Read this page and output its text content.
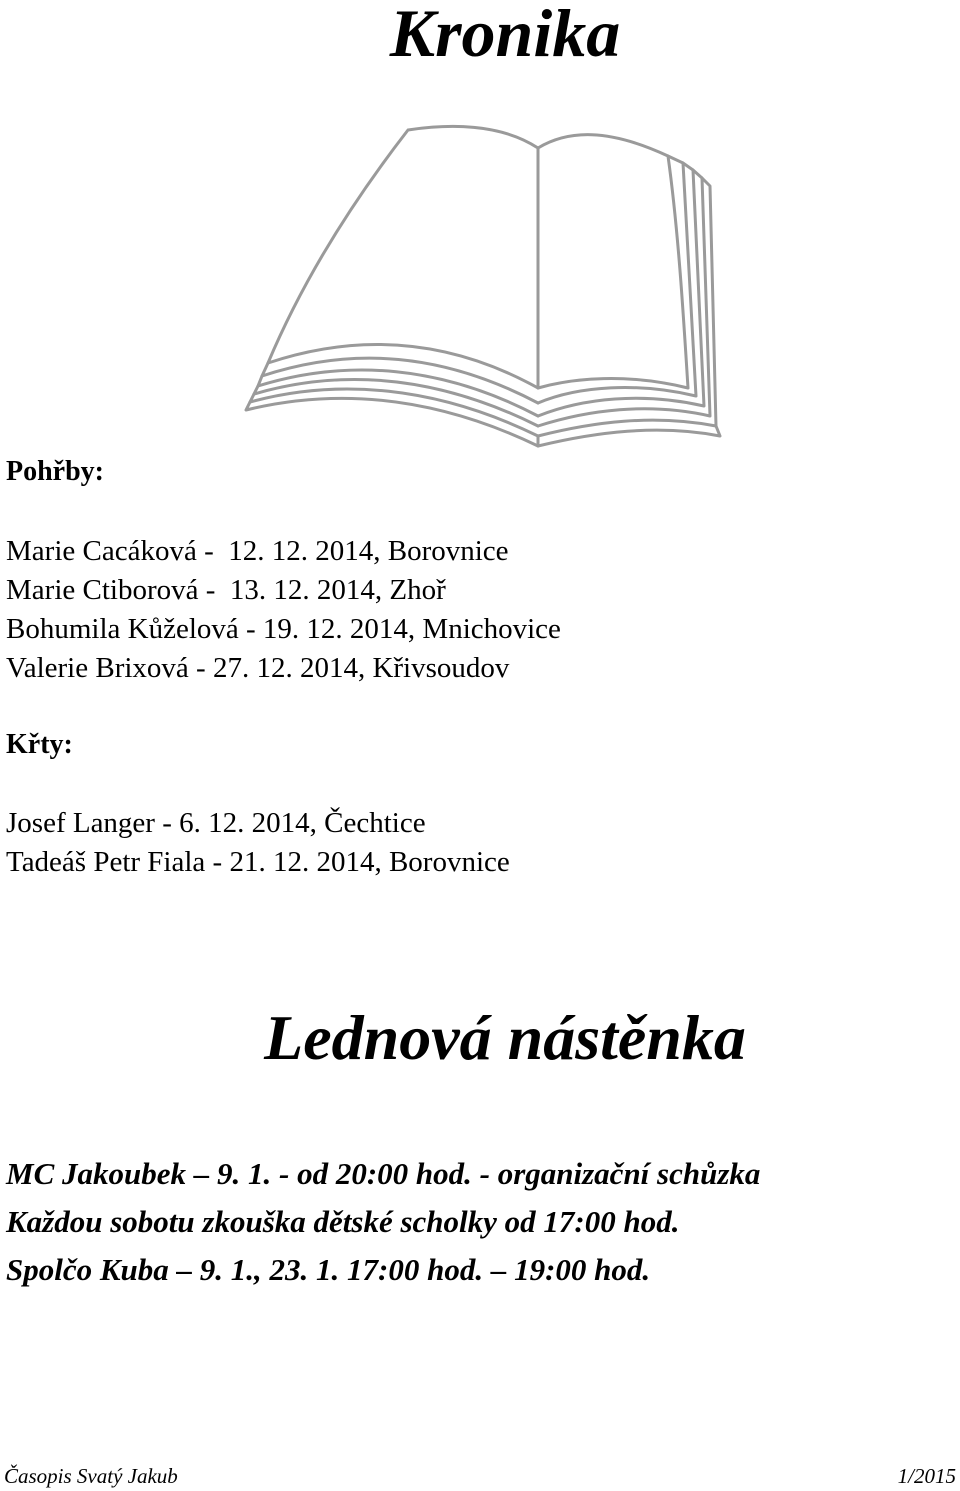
Kronika
Pohřby:
Marie Cacáková -  12. 12. 2014, Borovnice
Marie Ctiborová -  13. 12. 2014, Zhoř
Bohumila Kůželová - 19. 12. 2014, Mnichovice
Valerie Brixová - 27. 12. 2014, Křivsoudov
Křty:
Josef Langer - 6. 12. 2014, Čechtice
Tadeáš Petr Fiala - 21. 12. 2014, Borovnice
Lednová nástěnka
MC Jakoubek – 9. 1. - od 20:00 hod. - organizační schůzka
Každou sobotu zkouška dětské scholky od 17:00 hod.
Spolčo Kuba – 9. 1., 23. 1. 17:00 hod. – 19:00 hod.
Časopis Svatý Jakub	1/2015
